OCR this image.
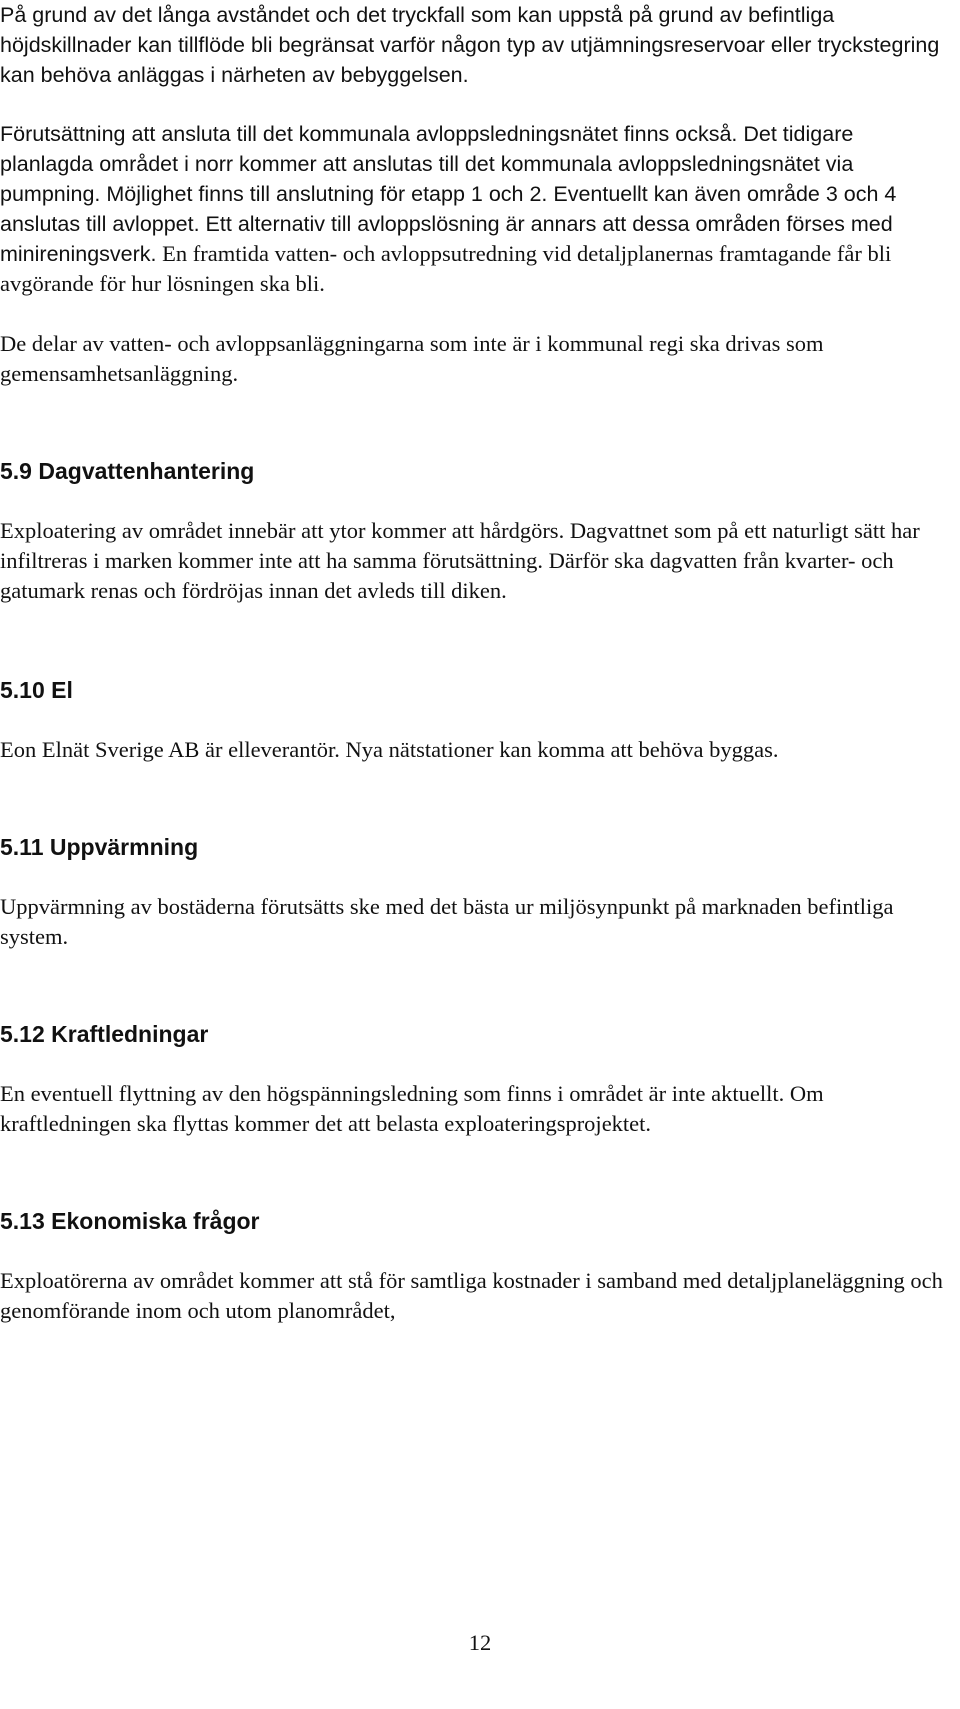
På grund av det långa avståndet och det tryckfall som kan uppstå på grund av befintliga höjdskillnader kan tillflöde bli begränsat varför någon typ av utjämningsreservoar eller tryckstegring kan behöva anläggas i närheten av bebyggelsen.

Förutsättning att ansluta till det kommunala avloppsledningsnätet finns också. Det tidigare planlagda området i norr kommer att anslutas till det kommunala avloppsledningsnätet via pumpning. Möjlighet finns till anslutning för etapp 1 och 2. Eventuellt kan även område 3 och 4 anslutas till avloppet. Ett alternativ till avloppslösning är annars att dessa områden förses med minireningsverk. En framtida vatten- och avloppsutredning vid detaljplanernas framtagande får bli avgörande för hur lösningen ska bli.

De delar av vatten- och avloppsanläggningarna som inte är i kommunal regi ska drivas som gemensamhetsanläggning.

5.9 Dagvattenhantering

Exploatering av området innebär att ytor kommer att hårdgörs. Dagvattnet som på ett naturligt sätt har infiltreras i marken kommer inte att ha samma förutsättning. Därför ska dagvatten från kvarter- och gatumark renas och fördröjas innan det avleds till diken.

5.10 El

Eon Elnät Sverige AB är elleverantör. Nya nätstationer kan komma att behöva byggas.

5.11 Uppvärmning

Uppvärmning av bostäderna förutsätts ske med det bästa ur miljösynpunkt på marknaden befintliga system.

5.12 Kraftledningar

En eventuell flyttning av den högspänningsledning som finns i området är inte aktuellt. Om kraftledningen ska flyttas kommer det att belasta exploateringsprojektet.

5.13 Ekonomiska frågor

Exploatörerna av området kommer att stå för samtliga kostnader i samband med detaljplaneläggning och genomförande inom och utom planområdet,

12
